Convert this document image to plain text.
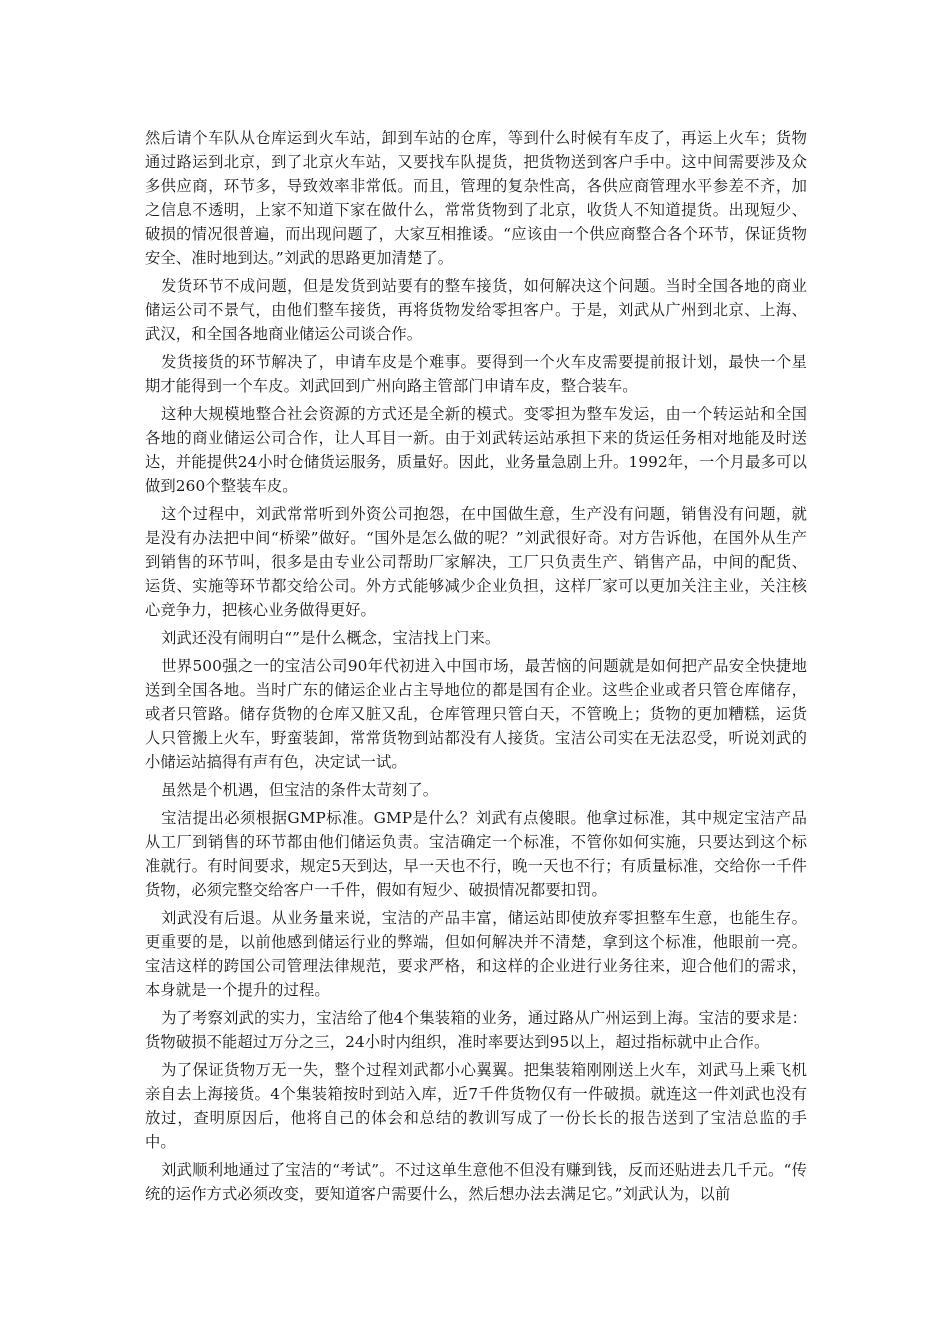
然后请个车队从仓库运到火车站，卸到车站的仓库，等到什么时候有车皮了，再运上火车；货物通过路运到北京，到了北京火车站，又要找车队提货，把货物送到客户手中。这中间需要涉及众多供应商，环节多，导致效率非常低。而且，管理的复杂性高，各供应商管理水平参差不齐，加之信息不透明，上家不知道下家在做什么，常常货物到了北京，收货人不知道提货。出现短少、破损的情况很普遍，而出现问题了，大家互相推诿。“应该由一个供应商整合各个环节，保证货物安全、准时地到达。”刘武的思路更加清楚了。

发货环节不成问题，但是发货到站要有的整车接货，如何解决这个问题。当时全国各地的商业储运公司不景气，由他们整车接货，再将货物发给零担客户。于是，刘武从广州到北京、上海、武汉，和全国各地商业储运公司谈合作。

发货接货的环节解决了，申请车皮是个难事。要得到一个火车皮需要提前报计划，最快一个星期才能得到一个车皮。刘武回到广州向路主管部门申请车皮，整合装车。

这种大规模地整合社会资源的方式还是全新的模式。变零担为整车发运，由一个转运站和全国各地的商业储运公司合作，让人耳目一新。由于刘武转运站承担下来的货运任务相对地能及时送达，并能提供24小时仓储货运服务，质量好。因此，业务量急剧上升。1992年，一个月最多可以做到260个整装车皮。

这个过程中，刘武常常听到外资公司抱怨，在中国做生意，生产没有问题，销售没有问题，就是没有办法把中间“桥梁”做好。“国外是怎么做的呢？”刘武很好奇。对方告诉他，在国外从生产到销售的环节叫，很多是由专业公司帮助厂家解决，工厂只负责生产、销售产品，中间的配货、运货、实施等环节都交给公司。外方式能够减少企业负担，这样厂家可以更加关注主业，关注核心竞争力，把核心业务做得更好。

刘武还没有闹明白“”是什么概念，宝洁找上门来。

世界500强之一的宝洁公司90年代初进入中国市场，最苦恼的问题就是如何把产品安全快捷地送到全国各地。当时广东的储运企业占主导地位的都是国有企业。这些企业或者只管仓库储存，或者只管路。储存货物的仓库又脏又乱，仓库管理只管白天，不管晚上；货物的更加糟糕，运货人只管搬上火车，野蛮装卸，常常货物到站都没有人接货。宝洁公司实在无法忍受，听说刘武的小储运站搞得有声有色，决定试一试。

虽然是个机遇，但宝洁的条件太苛刻了。

宝洁提出必须根据GMP标准。GMP是什么？刘武有点傻眼。他拿过标准，其中规定宝洁产品从工厂到销售的环节都由他们储运负责。宝洁确定一个标准，不管你如何实施，只要达到这个标准就行。有时间要求，规定5天到达，早一天也不行，晚一天也不行；有质量标准，交给你一千件货物，必须完整交给客户一千件，假如有短少、破损情况都要扣罚。

刘武没有后退。从业务量来说，宝洁的产品丰富，储运站即使放弃零担整车生意，也能生存。更重要的是，以前他感到储运行业的弊端，但如何解决并不清楚，拿到这个标准，他眼前一亮。宝洁这样的跨国公司管理法律规范，要求严格，和这样的企业进行业务往来，迎合他们的需求，本身就是一个提升的过程。

为了考察刘武的实力，宝洁给了他4个集装箱的业务，通过路从广州运到上海。宝洁的要求是：货物破损不能超过万分之三，24小时内组织，准时率要达到95以上，超过指标就中止合作。

为了保证货物万无一失，整个过程刘武都小心翼翼。把集装箱刚刚送上火车，刘武马上乘飞机亲自去上海接货。4个集装箱按时到站入库，近7千件货物仅有一件破损。就连这一件刘武也没有放过，查明原因后，他将自己的体会和总结的教训写成了一份长长的报告送到了宝洁总监的手中。

刘武顺利地通过了宝洁的“考试”。不过这单生意他不但没有赚到钱，反而还贴进去几千元。“传统的运作方式必须改变，要知道客户需要什么，然后想办法去满足它。”刘武认为，以前
